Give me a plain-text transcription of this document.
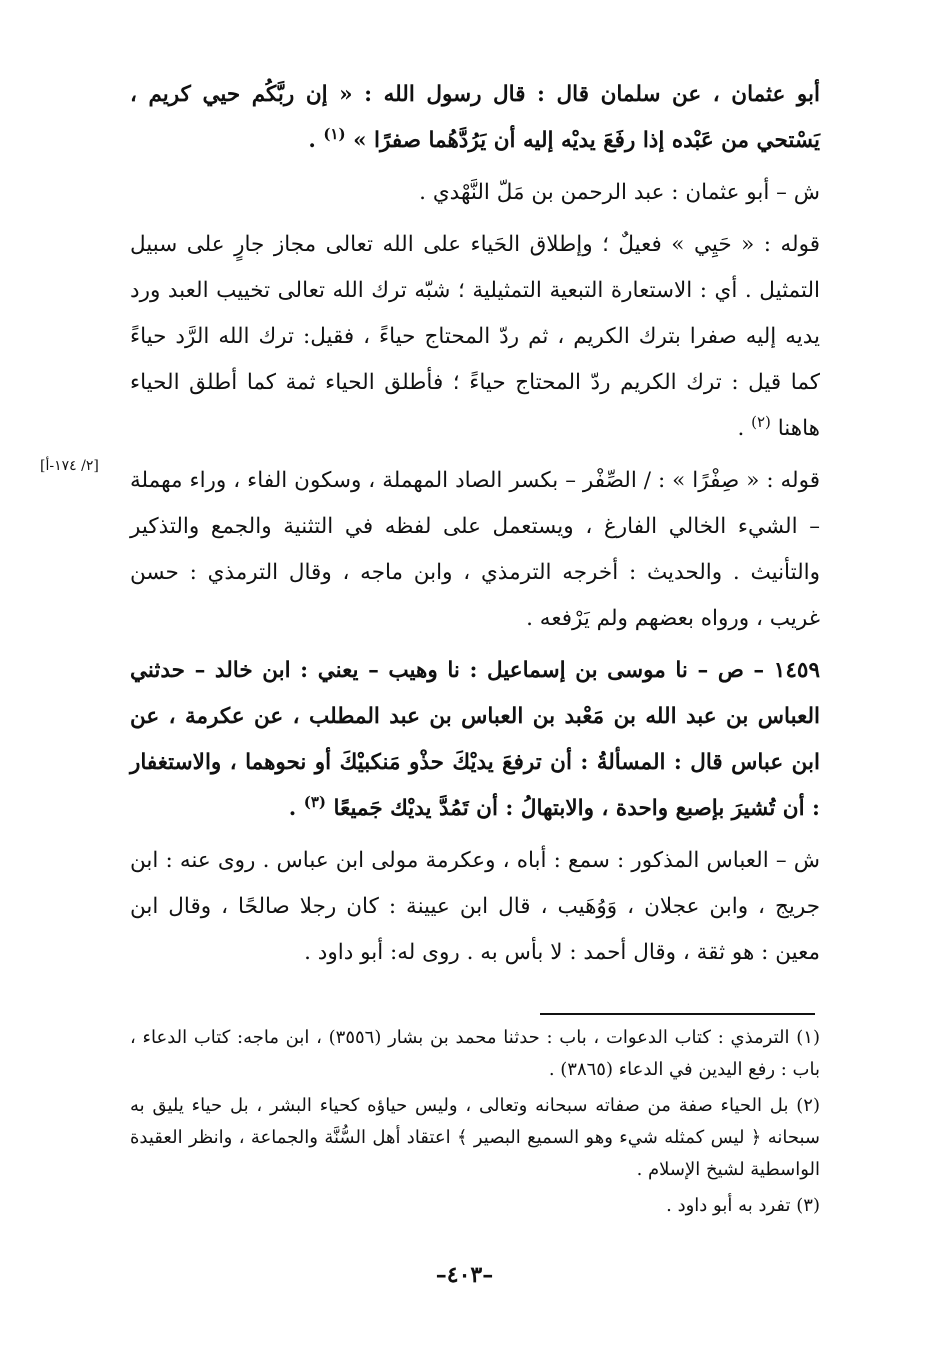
[٢/ ١٧٤-أ]

أبو عثمان ، عن سلمان قال : قال رسول الله : « إن ربَّكُم حيي كريم ، يَسْتحي من عَبْده إذا رفَعَ يديْه إليه أن يَرُدَّهُما صفرًا » $^{(١)}$ .

ش – أبو عثمان : عبد الرحمن بن مَلّ النَّهْدي .

قوله : « حَيِي » فعيلٌ ؛ وإطلاق الحَياء على الله تعالى مجاز جارٍ على سبيل التمثيل . أي : الاستعارة التبعية التمثيلية ؛ شبّه ترك الله تعالى تخييب العبد ورد يديه إليه صفرا بترك الكريم ، ثم ردّ المحتاج حياءً ، فقيل: ترك الله الرَّد حياءً كما قيل : ترك الكريم ردّ المحتاج حياءً ؛ فأطلق الحياء ثمة كما أطلق الحياء هاهنا $^{(٢)}$ .

قوله : « صِفْرًا » : / الصِّفْر – بكسر الصاد المهملة ، وسكون الفاء ، وراء مهملة – الشيء الخالي الفارغ ، ويستعمل على لفظه في التثنية والجمع والتذكير والتأنيث . والحديث : أخرجه الترمذي ، وابن ماجه ، وقال الترمذي : حسن غريب ، ورواه بعضهم ولم يَرْفعه .

١٤٥٩ – ص – نا موسى بن إسماعيل : نا وهيب – يعني : ابن خالد – حدثني العباس بن عبد الله بن مَعْبد بن العباس بن عبد المطلب ، عن عكرمة ، عن ابن عباس قال : المسألةُ : أن ترفعَ يديْكَ حذْو مَنكبيْكَ أو نحوهما ، والاستغفار : أن تُشيرَ بإصبع واحدة ، والابتهالُ : أن تَمُدَّ يديْك جَميعًا $^{(٣)}$ .

ش – العباس المذكور : سمع : أباه ، وعكرمة مولى ابن عباس . روى عنه : ابن جريج ، وابن عجلان ، وَوُهَيب ، قال ابن عيينة : كان رجلا صالحًا ، وقال ابن معين : هو ثقة ، وقال أحمد : لا بأس به . روى له: أبو داود .

(١) الترمذي : كتاب الدعوات ، باب : حدثنا محمد بن بشار (٣٥٥٦) ، ابن ماجه: كتاب الدعاء ، باب : رفع اليدين في الدعاء (٣٨٦٥) .

(٢) بل الحياء صفة من صفاته سبحانه وتعالى ، وليس حياؤه كحياء البشر ، بل حياء يليق به سبحانه ﴿ ليس كمثله شيء وهو السميع البصير ﴾ اعتقاد أهل السُّنَّة والجماعة ، وانظر العقيدة الواسطية لشيخ الإسلام .

(٣) تفرد به أبو داود .

–٤٠٣–
